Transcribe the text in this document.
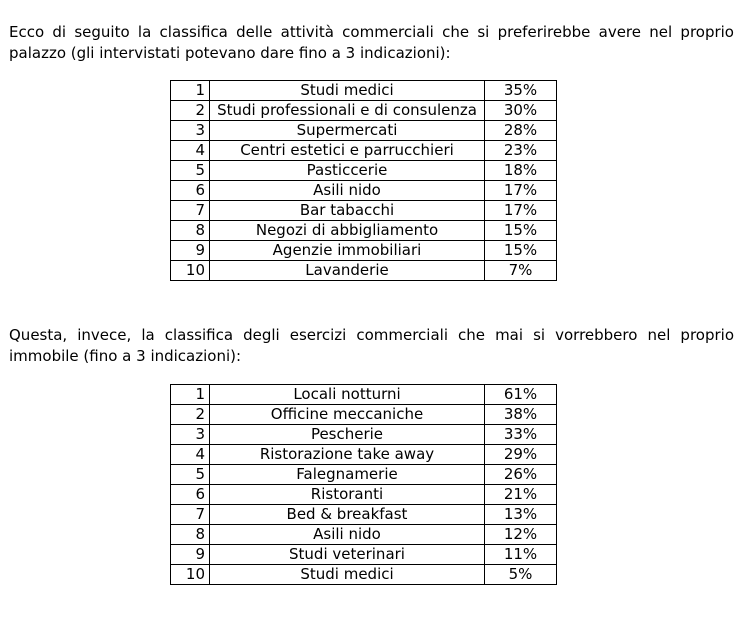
Ecco di seguito la classifica delle attività commerciali che si preferirebbe avere nel proprio palazzo (gli intervistati potevano dare fino a 3 indicazioni):

1	Studi medici	35%
2	Studi professionali e di consulenza	30%
3	Supermercati	28%
4	Centri estetici e parrucchieri	23%
5	Pasticcerie	18%
6	Asili nido	17%
7	Bar tabacchi	17%
8	Negozi di abbigliamento	15%
9	Agenzie immobiliari	15%
10	Lavanderie	7%

Questa, invece, la classifica degli esercizi commerciali che mai si vorrebbero nel proprio immobile (fino a 3 indicazioni):

1	Locali notturni	61%
2	Officine meccaniche	38%
3	Pescherie	33%
4	Ristorazione take away	29%
5	Falegnamerie	26%
6	Ristoranti	21%
7	Bed & breakfast	13%
8	Asili nido	12%
9	Studi veterinari	11%
10	Studi medici	5%
